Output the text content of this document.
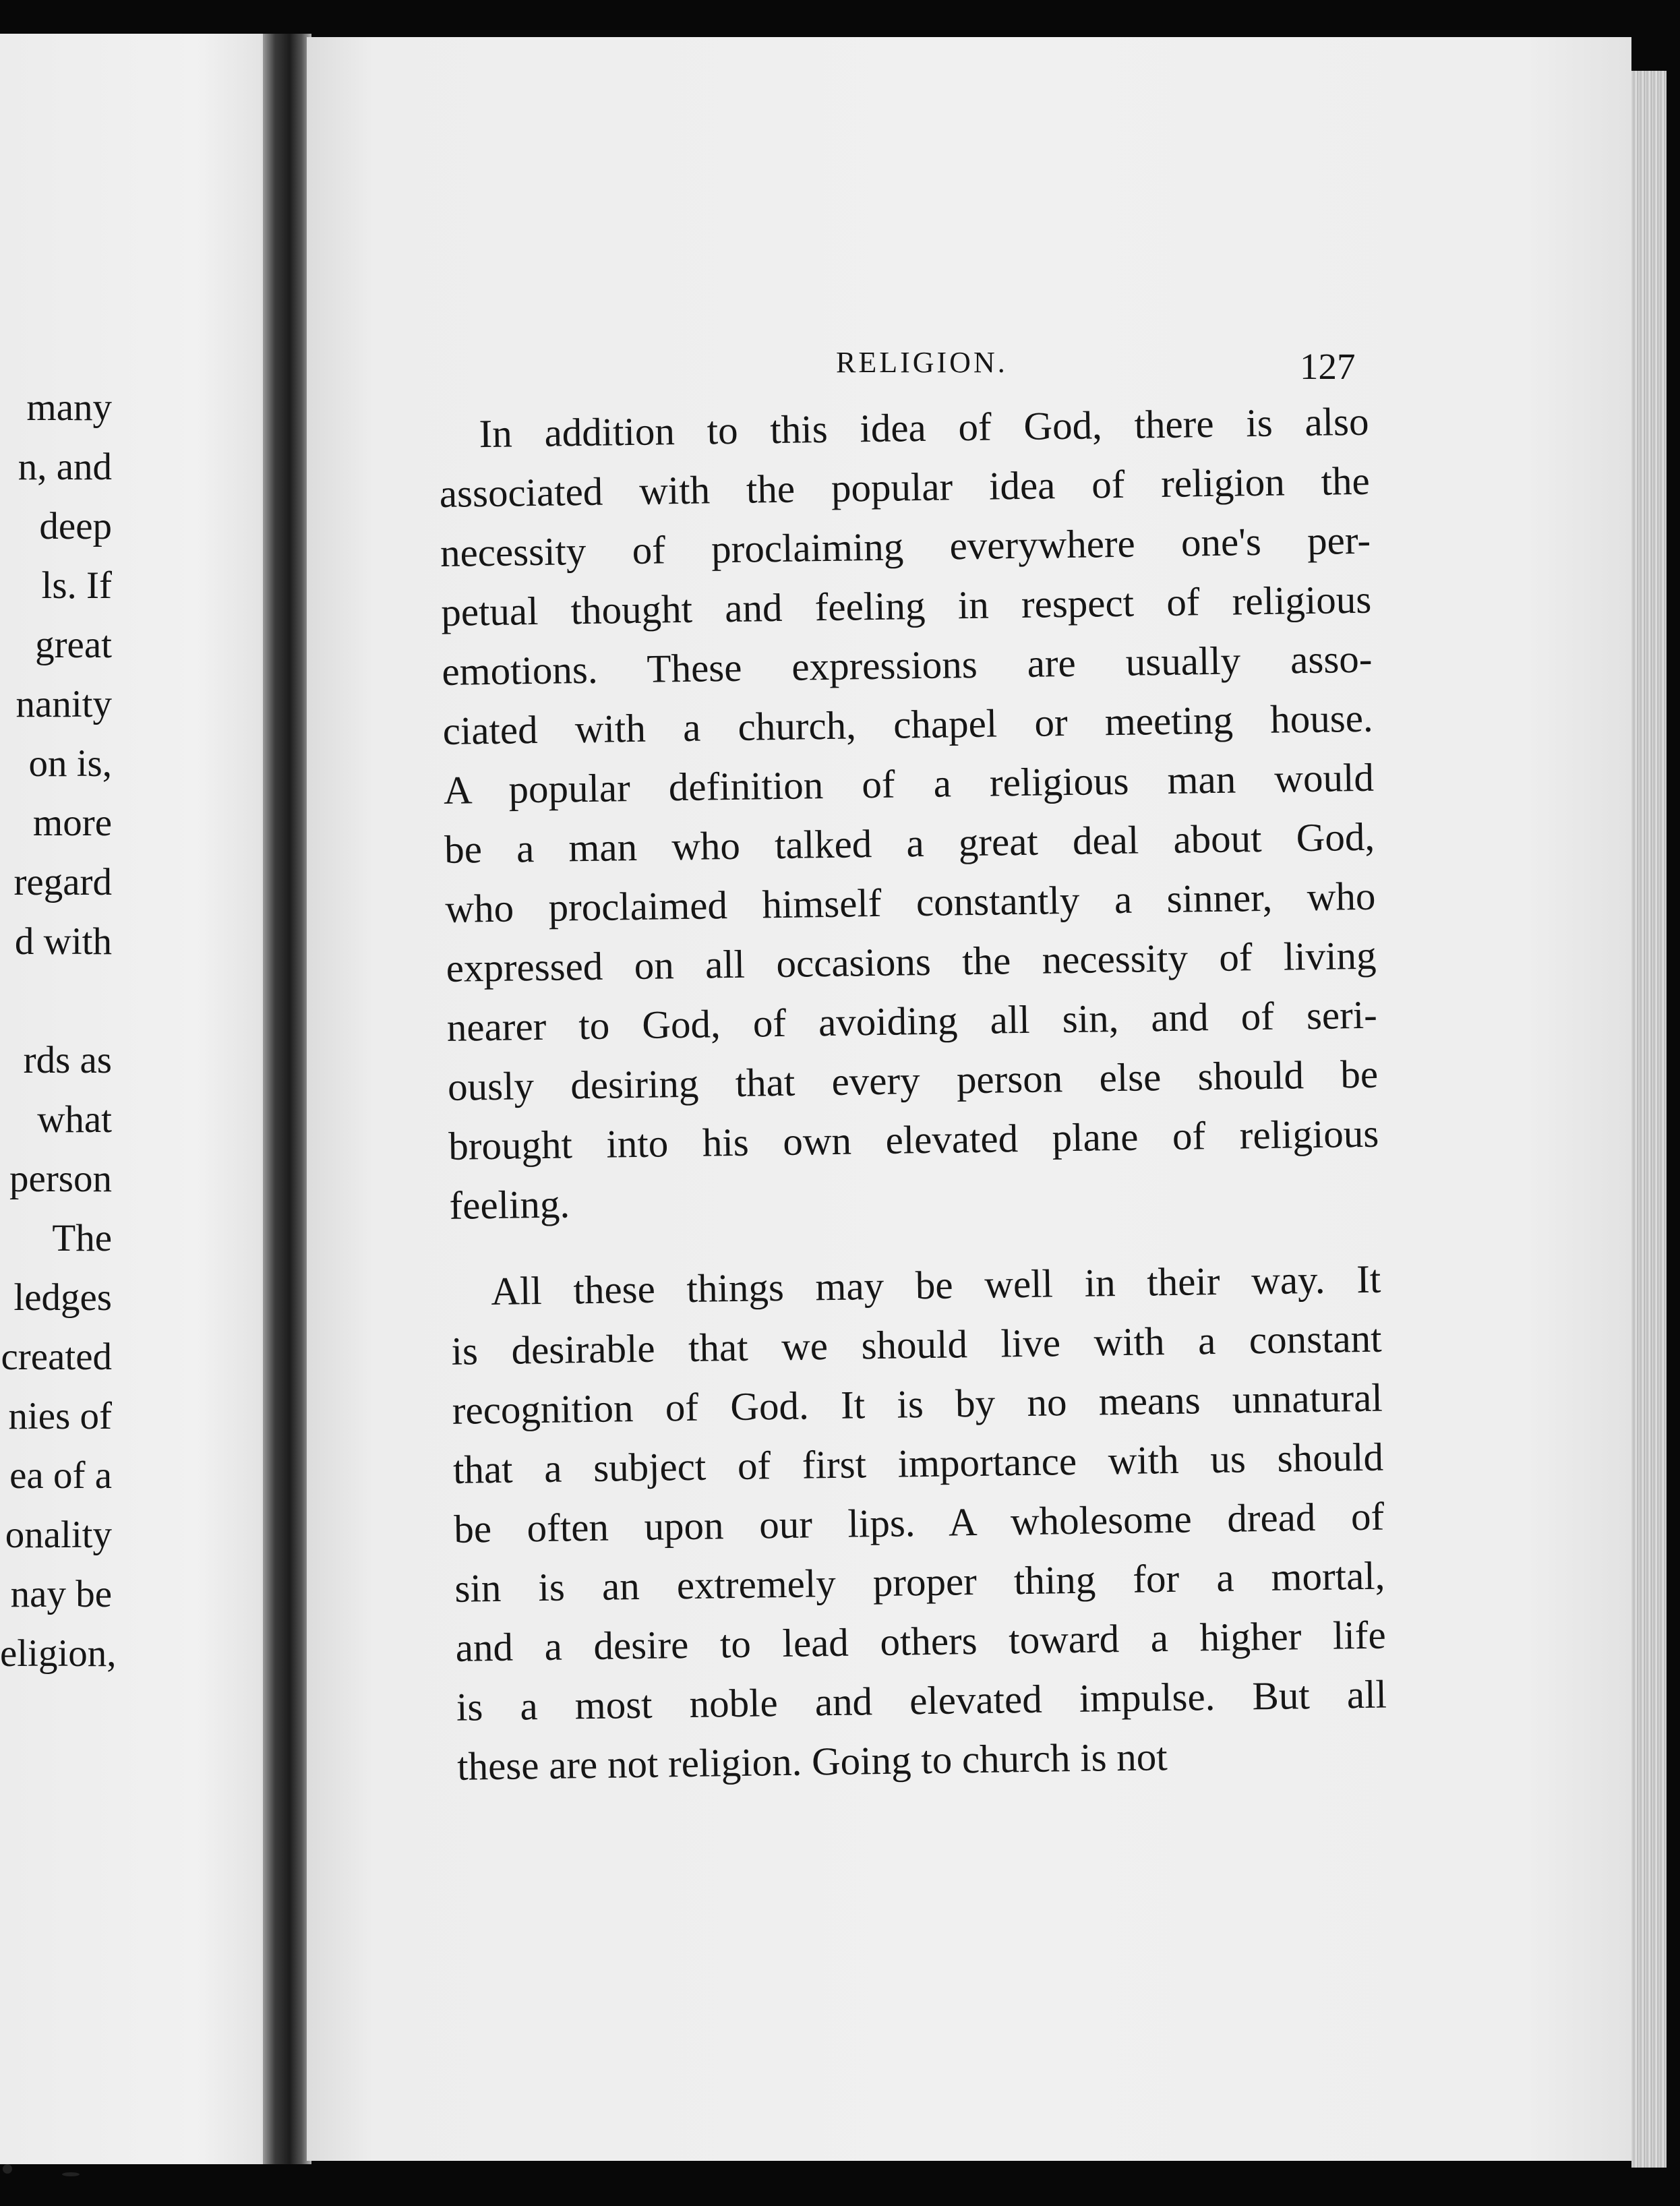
many
n, and
deep
ls. If
great
nanity
on is,
more
regard
d with
rds as
what
person
The
ledges
created
nies of
ea of a
onality
nay be
eligion,
RELIGION.	127
In addition to this idea of God, there is also
associated with the popular idea of religion the
necessity of proclaiming everywhere one's per-
petual thought and feeling in respect of religious
emotions. These expressions are usually asso-
ciated with a church, chapel or meeting house.
A popular definition of a religious man would
be a man who talked a great deal about God,
who proclaimed himself constantly a sinner, who
expressed on all occasions the necessity of living
nearer to God, of avoiding all sin, and of seri-
ously desiring that every person else should be
brought into his own elevated plane of religious
feeling.
All these things may be well in their way. It
is desirable that we should live with a constant
recognition of God. It is by no means unnatural
that a subject of first importance with us should
be often upon our lips. A wholesome dread of
sin is an extremely proper thing for a mortal,
and a desire to lead others toward a higher life
is a most noble and elevated impulse. But all
these are not religion. Going to church is not
